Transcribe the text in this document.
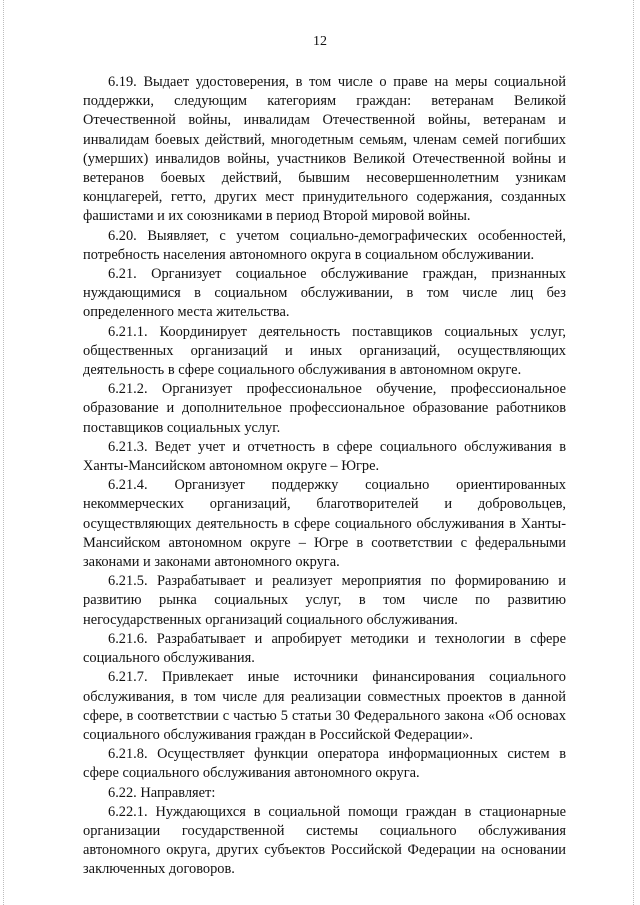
12

6.19. Выдает удостоверения, в том числе о праве на меры социальной поддержки, следующим категориям граждан: ветеранам Великой Отечественной войны, инвалидам Отечественной войны, ветеранам и инвалидам боевых действий, многодетным семьям, членам семей погибших (умерших) инвалидов войны, участников Великой Отечественной войны и ветеранов боевых действий, бывшим несовершеннолетним узникам концлагерей, гетто, других мест принудительного содержания, созданных фашистами и их союзниками в период Второй мировой войны.

6.20. Выявляет, с учетом социально-демографических особенностей, потребность населения автономного округа в социальном обслуживании.

6.21. Организует социальное обслуживание граждан, признанных нуждающимися в социальном обслуживании, в том числе лиц без определенного места жительства.

6.21.1. Координирует деятельность поставщиков социальных услуг, общественных организаций и иных организаций, осуществляющих деятельность в сфере социального обслуживания в автономном округе.

6.21.2. Организует профессиональное обучение, профессиональное образование и дополнительное профессиональное образование работников поставщиков социальных услуг.

6.21.3. Ведет учет и отчетность в сфере социального обслуживания в Ханты-Мансийском автономном округе – Югре.

6.21.4. Организует поддержку социально ориентированных некоммерческих организаций, благотворителей и добровольцев, осуществляющих деятельность в сфере социального обслуживания в Ханты-Мансийском автономном округе – Югре в соответствии с федеральными законами и законами автономного округа.

6.21.5. Разрабатывает и реализует мероприятия по формированию и развитию рынка социальных услуг, в том числе по развитию негосударственных организаций социального обслуживания.

6.21.6. Разрабатывает и апробирует методики и технологии в сфере социального обслуживания.

6.21.7. Привлекает иные источники финансирования социального обслуживания, в том числе для реализации совместных проектов в данной сфере, в соответствии с частью 5 статьи 30 Федерального закона «Об основах социального обслуживания граждан в Российской Федерации».

6.21.8. Осуществляет функции оператора информационных систем в сфере социального обслуживания автономного округа.

6.22. Направляет:

6.22.1. Нуждающихся в социальной помощи граждан в стационарные организации государственной системы социального обслуживания автономного округа, других субъектов Российской Федерации на основании заключенных договоров.
